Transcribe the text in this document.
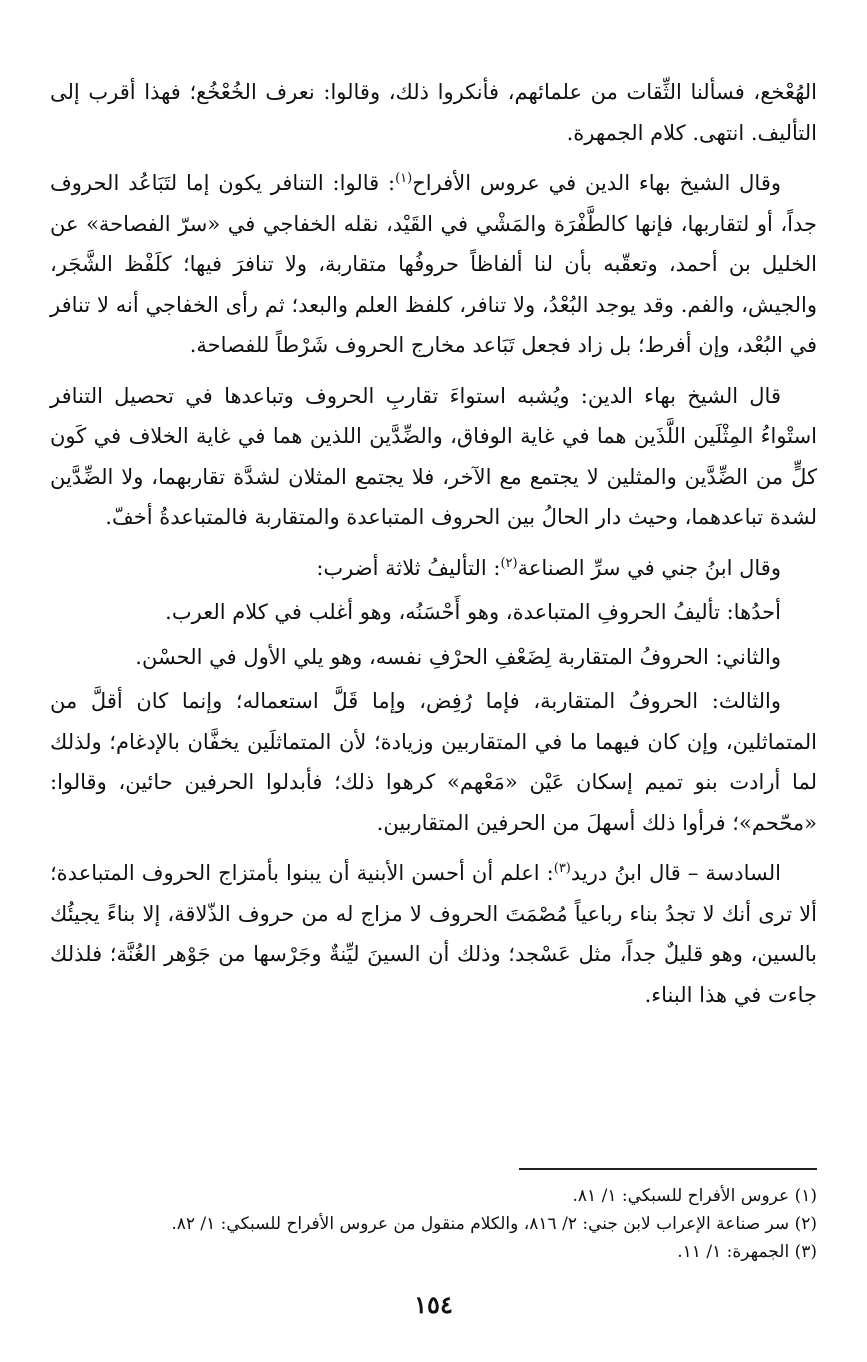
الهُعْخع، فسألنا الثِّقات من علمائهم، فأنكروا ذلك، وقالوا: نعرف الخُعْخُع؛ فهذا أقرب إلى التأليف. انتهى. كلام الجمهرة.

وقال الشيخ بهاء الدين في عروس الأفراح$^{(١)}$: قالوا: التنافر يكون إما لتَبَاعُد الحروف جداً، أو لتقاربها، فإنها كالطَّفْرَة والمَشْي في القَيْد، نقله الخفاجي في «سرّ الفصاحة» عن الخليل بن أحمد، وتعقّبه بأن لنا ألفاظاً حروفُها متقاربة، ولا تنافرَ فيها؛ كلَفْظ الشَّجَر، والجيش، والفم. وقد يوجد البُعْدُ، ولا تنافر، كلفظ العلم والبعد؛ ثم رأى الخفاجي أنه لا تنافر في البُعْد، وإن أفرط؛ بل زاد فجعل تَبَاعد مخارج الحروف شَرْطاً للفصاحة.

قال الشيخ بهاء الدين: ويُشبه استواءَ تقاربِ الحروف وتباعدها في تحصيل التنافر استْواءُ المِثْلَين اللَّذَين هما في غاية الوفاق، والضِّدَّين اللذين هما في غاية الخلاف في كَون كلٍّ من الضِّدَّين والمثلين لا يجتمع مع الآخر، فلا يجتمع المثلان لشدَّة تقاربهما، ولا الضِّدَّين لشدة تباعدهما، وحيث دار الحالُ بين الحروف المتباعدة والمتقاربة فالمتباعدةُ أخفّ.

وقال ابنُ جني في سرِّ الصناعة$^{(٢)}$: التأليفُ ثلاثة أضرب:

أحدُها: تأليفُ الحروفِ المتباعدة، وهو أَحْسَنُه، وهو أغلب في كلام العرب.

والثاني: الحروفُ المتقاربة لِضَعْفِ الحرْفِ نفسه، وهو يلي الأول في الحسْن.

والثالث: الحروفُ المتقاربة، فإما رُفِض، وإما قَلَّ استعماله؛ وإنما كان أقلَّ من المتماثلين، وإن كان فيهما ما في المتقاربين وزيادة؛ لأن المتماثلَين يخفَّان بالإدغام؛ ولذلك لما أرادت بنو تميم إسكان عَيْن «مَعْهم» كرهوا ذلك؛ فأبدلوا الحرفين حائين، وقالوا: «محّحم»؛ فرأوا ذلك أسهلَ من الحرفين المتقاربين.

السادسة – قال ابنُ دريد$^{(٣)}$: اعلم أن أحسن الأبنية أن يبنوا بأمتزاج الحروف المتباعدة؛ ألا ترى أنك لا تجدُ بناء رباعياً مُصْمَتَ الحروف لا مزاج له من حروف الذّلاقة، إلا بناءً يجيئُك بالسين، وهو قليلٌ جداً، مثل عَسْجد؛ وذلك أن السينَ ليِّنةٌ وجَرْسها من جَوْهر الغُنَّة؛ فلذلك جاءت في هذا البناء.

(١) عروس الأفراح للسبكي: ١/ ٨١.

(٢) سر صناعة الإعراب لابن جني: ٢/ ٨١٦، والكلام منقول من عروس الأفراح للسبكي: ١/ ٨٢.

(٣) الجمهرة: ١/ ١١.

١٥٤
